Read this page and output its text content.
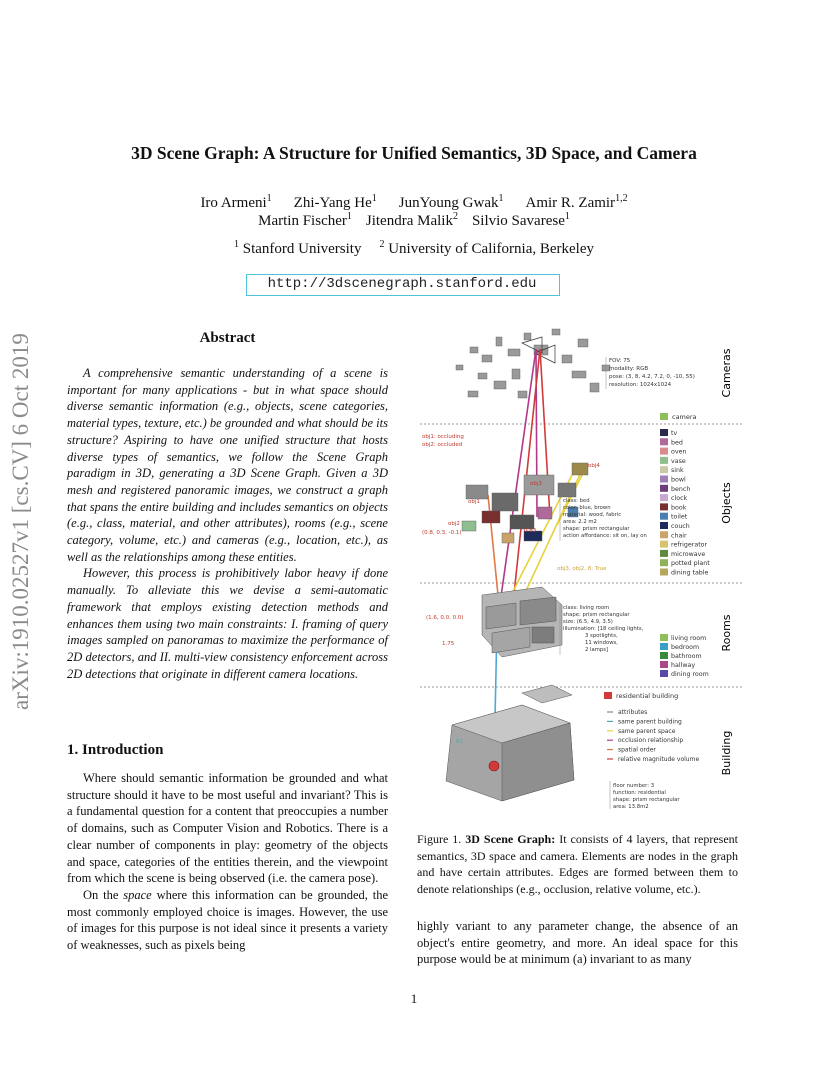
3D Scene Graph: A Structure for Unified Semantics, 3D Space, and Camera
Iro Armeni$^1$ Zhi-Yang He$^1$ JunYoung Gwak$^1$ Amir R. Zamir$^{1,2}$
Martin Fischer$^1$ Jitendra Malik$^2$ Silvio Savarese$^1$
$^1$ Stanford University $^2$ University of California, Berkeley
http://3dscenegraph.stanford.edu
arXiv:1910.02527v1 [cs.CV] 6 Oct 2019	Abstract

A comprehensive semantic understanding of a scene is important for many applications - but in what space should diverse semantic information (e.g., objects, scene categories, material types, texture, etc.) be grounded and what should be its structure? Aspiring to have one unified structure that hosts diverse types of semantics, we follow the Scene Graph paradigm in 3D, generating a 3D Scene Graph. Given a 3D mesh and registered panoramic images, we construct a graph that spans the entire building and includes semantics on objects (e.g., class, material, and other attributes), rooms (e.g., scene category, volume, etc.) and cameras (e.g., location, etc.), as well as the relationships among these entities.

However, this process is prohibitively labor heavy if done manually. To alleviate this we devise a semi-automatic framework that employs existing detection methods and enhances them using two main constraints: I. framing of query images sampled on panoramas to maximize the performance of 2D detectors, and II. multi-view consistency enforcement across 2D detections that originate in different camera locations.

1. Introduction

Where should semantic information be grounded and what structure should it have to be most useful and invariant? This is a fundamental question for a content that preoccupies a number of domains, such as Computer Vision and Robotics. There is a clear number of components in play: geometry of the objects and space, categories of the entities therein, and the viewpoint from which the scene is being observed (i.e. the camera pose).

On the space where this information can be grounded, the most commonly employed choice is images. However, the use of images for this purpose is not ideal since it presents a variety of weaknesses, such as pixels being

Cameras
Objects
Rooms
Building
FOV: 75
modality: RGB
pose: (3, 8, 4.2, 7.2, 0, -10, 55)
resolution: 1024x1024
camera
obj1: occluding
obj2: occluded
obj1
obj2
obj3
obj4
(0.8, 0.3, -0.1)	0.83
obj3, obj2, 8: True
class: bed
color: blue, brown
material: wood, fabric
area: 2.2 m2
shape: prism rectangular
action affordance: sit on, lay on
tv
bed
oven
vase
sink
bowl
bench
clock
book
toilet
couch
chair
refrigerator
microwave
potted plant
dining table
(1.6, 0.0, 0.0)
1.75
class: living room
shape: prism rectangular
size: (6.5, 4.9, 3.5)
illumination: [18 ceiling lights,
3 spotlights,
11 windows,
2 lamps]
living room
bedroom
bathroom
hallway
dining room
R1
floor number: 3
function: residential
shape: prism rectangular
area: 13.8m2
residential building
attributes
same parent building
same parent space
occlusion relationship
spatial order
relative magnitude volume
Figure 1. 3D Scene Graph: It consists of 4 layers, that represent semantics, 3D space and camera. Elements are nodes in the graph and have certain attributes. Edges are formed between them to denote relationships (e.g., occlusion, relative volume, etc.).

highly variant to any parameter change, the absence of an object's entire geometry, and more. An ideal space for this purpose would be at minimum (a) invariant to as many

1
